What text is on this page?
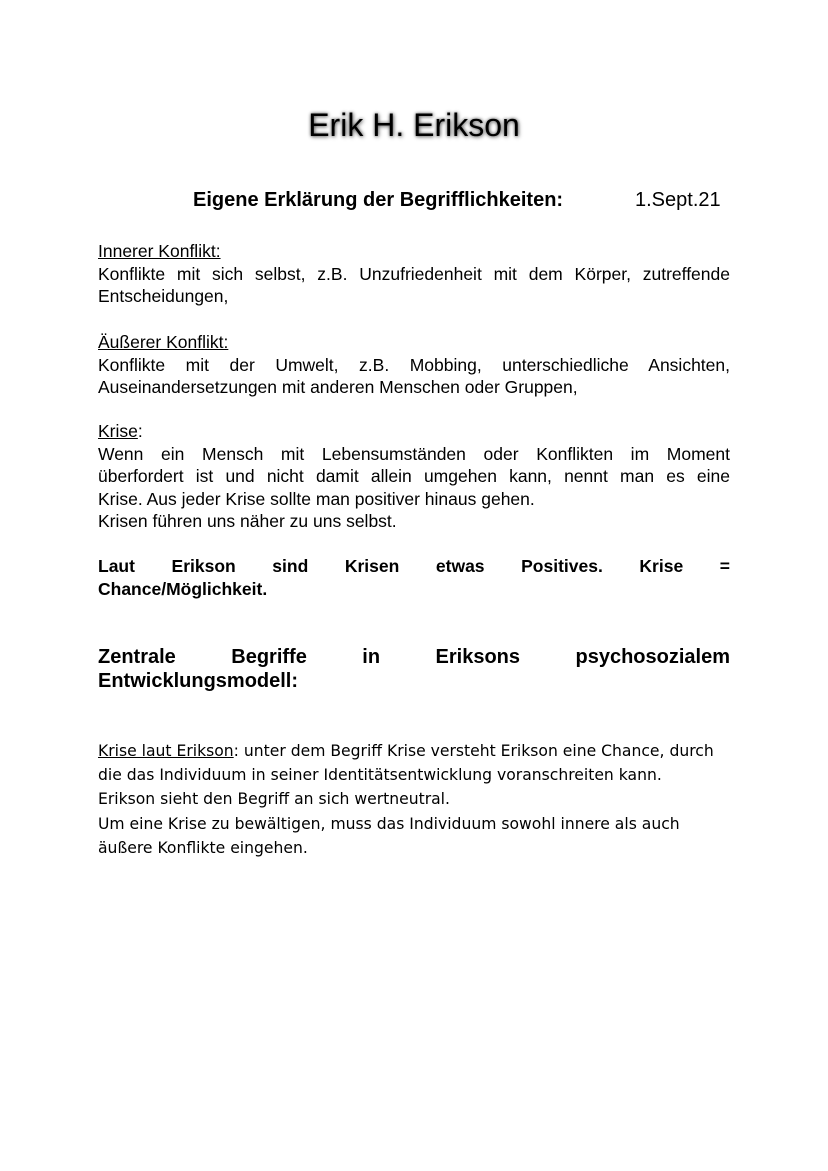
Erik H. Erikson
Eigene Erklärung der Begrifflichkeiten:	1.Sept.21
Innerer Konflikt:
Konflikte mit sich selbst, z.B. Unzufriedenheit mit dem Körper, zutreffende
Entscheidungen,
Äußerer Konflikt:
Konflikte mit der Umwelt, z.B. Mobbing, unterschiedliche Ansichten,
Auseinandersetzungen mit anderen Menschen oder Gruppen,
Krise:
Wenn ein Mensch mit Lebensumständen oder Konflikten im Moment
überfordert ist und nicht damit allein umgehen kann, nennt man es eine
Krise. Aus jeder Krise sollte man positiver hinaus gehen.
Krisen führen uns näher zu uns selbst.
Laut Erikson sind Krisen etwas Positives. Krise =
Chance/Möglichkeit.
Zentrale Begriffe in Eriksons psychosozialem
Entwicklungsmodell:
Krise laut Erikson: unter dem Begriff Krise versteht Erikson eine Chance, durch
die das Individuum in seiner Identitätsentwicklung voranschreiten kann.
Erikson sieht den Begriff an sich wertneutral.
Um eine Krise zu bewältigen, muss das Individuum sowohl innere als auch
äußere Konflikte eingehen.
